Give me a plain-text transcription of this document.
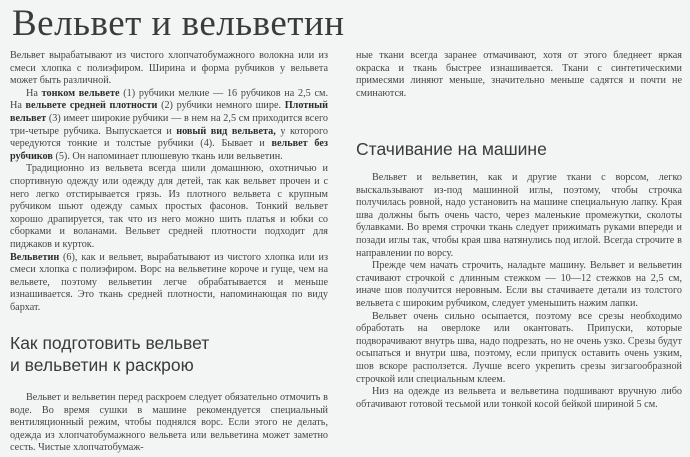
Вельвет и вельветин

Вельвет вырабатывают из чистого хлопчатобумажного волокна или из смеси хлопка с полиэфиром. Ширина и форма рубчиков у вельвета может быть различной.

На тонком вельвете (1) рубчики мелкие — 16 рубчиков на 2,5 см. На вельвете средней плотности (2) рубчики немного шире. Плотный вельвет (3) имеет широкие рубчики — в нем на 2,5 см приходится всего три-четыре рубчика. Выпускается и новый вид вельвета, у которого чередуются тонкие и толстые рубчики (4). Бывает и вельвет без рубчиков (5). Он напоминает плюшевую ткань или вельветин.

Традиционно из вельвета всегда шили домашнюю, охотничью и спортивную одежду или одежду для детей, так как вельвет прочен и с него легко отстирывается грязь. Из плотного вельвета с крупным рубчиком шьют одежду самых простых фасонов. Тонкий вельвет хорошо драпируется, так что из него можно шить платья и юбки со сборками и воланами. Вельвет средней плотности подходит для пиджаков и курток.

Вельветин (6), как и вельвет, вырабатывают из чистого хлопка или из смеси хлопка с полиэфиром. Ворс на вельветине короче и гуще, чем на вельвете, поэтому вельветин легче обрабатывается и меньше изнашивается. Это ткань средней плотности, напоминающая по виду бархат.

Как подготовить вельвет
и вельветин к раскрою

Вельвет и вельветин перед раскроем следует обязательно отмочить в воде. Во время сушки в машине рекомендуется специальный вентиляционный режим, чтобы поднялся ворс. Если этого не делать, одежда из хлопчатобумажного вельвета или вельветина может заметно сесть. Чистые хлопчатобумаж-

ные ткани всегда заранее отмачивают, хотя от этого бледнеет яркая окраска и ткань быстрее изнашивается. Ткани с синтетическими примесями линяют меньше, значительно меньше садятся и почти не сминаются.

Стачивание на машине

Вельвет и вельветин, как и другие ткани с ворсом, легко выскальзывают из-под машинной иглы, поэтому, чтобы строчка получилась ровной, надо установить на машине специальную лапку. Края шва должны быть очень часто, через маленькие промежутки, сколоты булавками. Во время строчки ткань следует прижимать руками впереди и позади иглы так, чтобы края шва натянулись под иглой. Всегда строчите в направлении по ворсу.

Прежде чем начать строчить, наладьте машину. Вельвет и вельветин стачивают строчкой с длинным стежком — 10—12 стежков на 2,5 см, иначе шов получится неровным. Если вы стачиваете детали из толстого вельвета с широким рубчиком, следует уменьшить нажим лапки.

Вельвет очень сильно осыпается, поэтому все срезы необходимо обработать на оверлоке или окантовать. Припуски, которые подворачивают внутрь шва, надо подрезать, но не очень узко. Срезы будут осыпаться и внутри шва, поэтому, если припуск оставить очень узким, шов вскоре расползется. Лучше всего укрепить срезы зигзагообразной строчкой или специальным клеем.

Низ на одежде из вельвета и вельветина подшивают вручную либо обтачивают готовой тесьмой или тонкой косой бейкой шириной 5 см.
